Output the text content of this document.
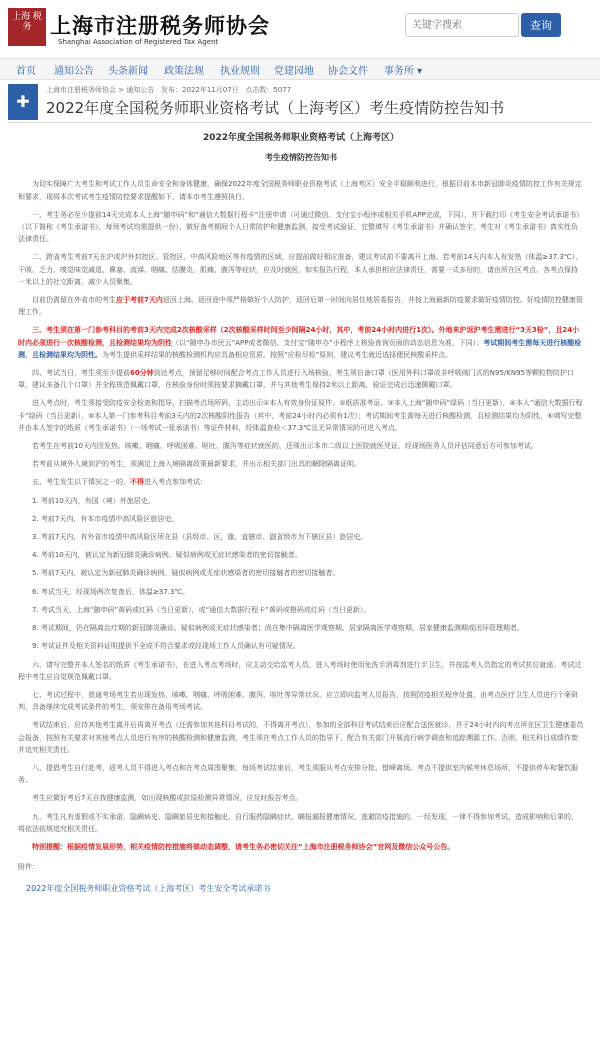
上海 税务 上海市注册税务师协会
Shanghai Association of Registered Tax Agent
关键字搜索
查询
首页 通知公告 头条新闻 政策法规 执业规则 党建园地 协会文件 事务所 ▾
✚
上海市注册税务师协会 > 通知公告 发布：2022年11月07日 点击数：5077
2022年度全国税务师职业资格考试（上海考区）考生疫情防控告知书
2022年度全国税务师职业资格考试（上海考区）
考生疫情防控告知书
为切实保障广大考生和考试工作人员生命安全和身体健康，确保2022年度全国税务师职业资格考试（上海考区）安全平稳顺利进行，根据目前本市新冠肺炎疫情防控工作有关规定和要求，现将本次考试考生疫情防控要求提醒如下，请本市考生遵照执行。
一、考生务必至少提前14天完成本人上海“随申码”和“通信大数据行程卡”注册申请（可通过微信、支付宝小程序或相关手机APP完成，下同），并下载打印《考生安全考试承诺书》（以下简称《考生承诺书》，每场考试均需提供一份），做好备考期间个人日常防护和健康监测，接受考试验证、完整填写《考生承诺书》并确认签字，考生对《考生承诺书》真实性负法律责任。
二、跨省考生考前7天在沪或沪外封控区、管控区、中高风险地区等有疫情的区域，应提前做好相应准备，建议考试前不要离开上海。若考前14天内本人有发热（体温≥37.3℃）、干咳、乏力、嗅觉味觉减退、鼻塞、流涕、咽痛、结膜炎、肌痛、腹泻等症状，应及时就医，如实报告行程，本人承担相应法律责任，需要一式多份的，请由所在区考点、各考点保持一米以上的社交距离，减少人员聚集。
目前仍需留在外省市的考生应于考前7天内返回上海。返回途中须严格做好个人防护，返回后第一时间向居住地居委报告，并按上海最新防疫要求做好疫情防控。好疫情防控健康管理工作。
三、考生须在第一门参考科目的考前3天内完成2次核酸采样（2次核酸采样时间至少间隔24小时，其中，考前24小时内进行1次）。外地来沪返沪考生需进行“3天3检”，且24小时内必须进行一次核酸检测，且检测结果均为阴性（以“随申办市民云”APP或者微信、支付宝“随申办”小程序上核验查询页面的动态信息为准，下同）；考试期间考生需每天进行核酸检测，且检测结果均为阴性。为考生提供采样结果的核酸检测机构应具备相应资质。按照“应检尽检”原则，建议考生就近选择便民核酸采样点。
四、考试当日，考生须至少提前60分钟到达考点，预留足够时间配合考点工作人员进行入场核验。考生须自备口罩（医用外科口罩或非呼吸阀门式的N95/KN95等颗粒物防护口罩，建议多备几个口罩）并全程规范佩戴口罩，在核验身份时须按要求摘戴口罩，并与其他考生保持2米以上距离，验证完成后迅速佩戴口罩。
进入考点时，考生须接受防疫安全检查和指导，扫描考点场所码，主动出示①本人有效身份证原件、②纸质准考证、③本人上海“随申码”绿码（当日更新），④本人“通信大数据行程卡”绿码（当日更新），⑤本人第一门参考科目考前3天内的2次核酸阴性报告（其中，考前24小时内必须有1次）；考试期间考生需每天进行核酸检测，且检测结果均为阴性，⑥填写完整并由本人签字的纸质《考生承诺书》（一场考试一张承诺书）等证件材料，经体温查检＜37.3℃且无异常情况的可进入考点。
若考生在考前10天内因发热、咳嗽、咽痛、呼吸困难、呕吐、腹泻等症状就医的，还须出示本市二级以上医院就医凭证，经现场医务人员评估同意后方可参加考试。
若考前从境外入境到沪的考生，须满足上海入境隔离政策最新要求，并出示相关部门出具的解除隔离证明。
五、考生发生以下情况之一的，不得进入考点参加考试：
1. 考前10天内，有国（境）外旅居史。
2. 考前7天内，有本市疫情中高风险区旅居史。
3. 考前7天内，有外省市疫情中高风险区所在县（县级市、区，旗，直辖市、副省级市为下辖区县）旅居史。
4. 考前10天内，被认定为新冠肺炎确诊病例、疑似病例或无症状感染者的密切接触者。
5. 考前7天内，被认定为新冠肺炎确诊病例、疑似病例或无症状感染者的密切接触者的密切接触者。
6. 考试当天，经现场两次复查后，体温≥37.3℃。
7. 考试当天，上海“随申码”黄码或红码（当日更新），或“通信大数据行程卡”黄码或橙码或红码（当日更新）。
8. 考试期间，仍在隔离治疗期的新冠肺炎确诊、疑似病例或无症状感染者；尚在集中隔离医学观察期、居家隔离医学观察期、居家健康监测期或闭环管理期者。
9. 考试证件及相关资料证明提供不全或不符合要求或经现场工作人员确认有可疑情况。
六、请写完整并本人签名的纸质《考生承诺书》，在进入考点考场时，应主动交给监考人员。进入考场时使用免洗手消毒剂进行手卫生，并按监考人员指定的考试机位就座。考试过程中考生应自觉规范佩戴口罩。
七、考试过程中，普通考场考生若出现发热、咳嗽、咽痛、呼吸困难、腹泻、呕吐等异常状况，应立即向监考人员报告，按照防疫相关程序处置，由考点医疗卫生人员进行个案研判，具备继续完成考试条件的考生，须安排在备用考场考试。
考试结束后，应待其他考生离开后再离开考点（还需参加其他科目考试的，不得离开考点），参加的全部科目考试结束后应配合送医就诊，并于24小时内向考点所在区卫生健康委员会报备，按照有关要求对其他考点人员进行有序的核酸检测和健康监测，考生须在考点工作人员的指导下，配合有关部门开展流行病学调查和追踪溯源工作。否则，相关科目成绩作废并追究相关责任。
八、提倡考生自行赴考，返考人员不得进入考点和在考点周围聚集，每场考试结束后，考生须服从考点安排分批、错峰离场。考点不提供室内候考休息场所，不提供停车和餐饮服务。
考生应做好考后7天自我健康监测，如出现核酸或抗原检测异常情况，应及时报告考点。
九、考生凡有虚假或不实承诺、隐瞒病史、隐瞒旅居史和接触史、自行服药隐瞒症状、瞒报漏报健康情况、逃避防疫措施的，一经发现，一律不得参加考试，造成影响和后果的，将依法依规追究相关责任。
特别提醒：根据疫情发展形势，相关疫情防控措施将做动态调整，请考生务必密切关注“上海市注册税务师协会”官网及微信公众号公告。
附件：
2022年度全国税务师职业资格考试（上海考区）考生安全考试承诺书
